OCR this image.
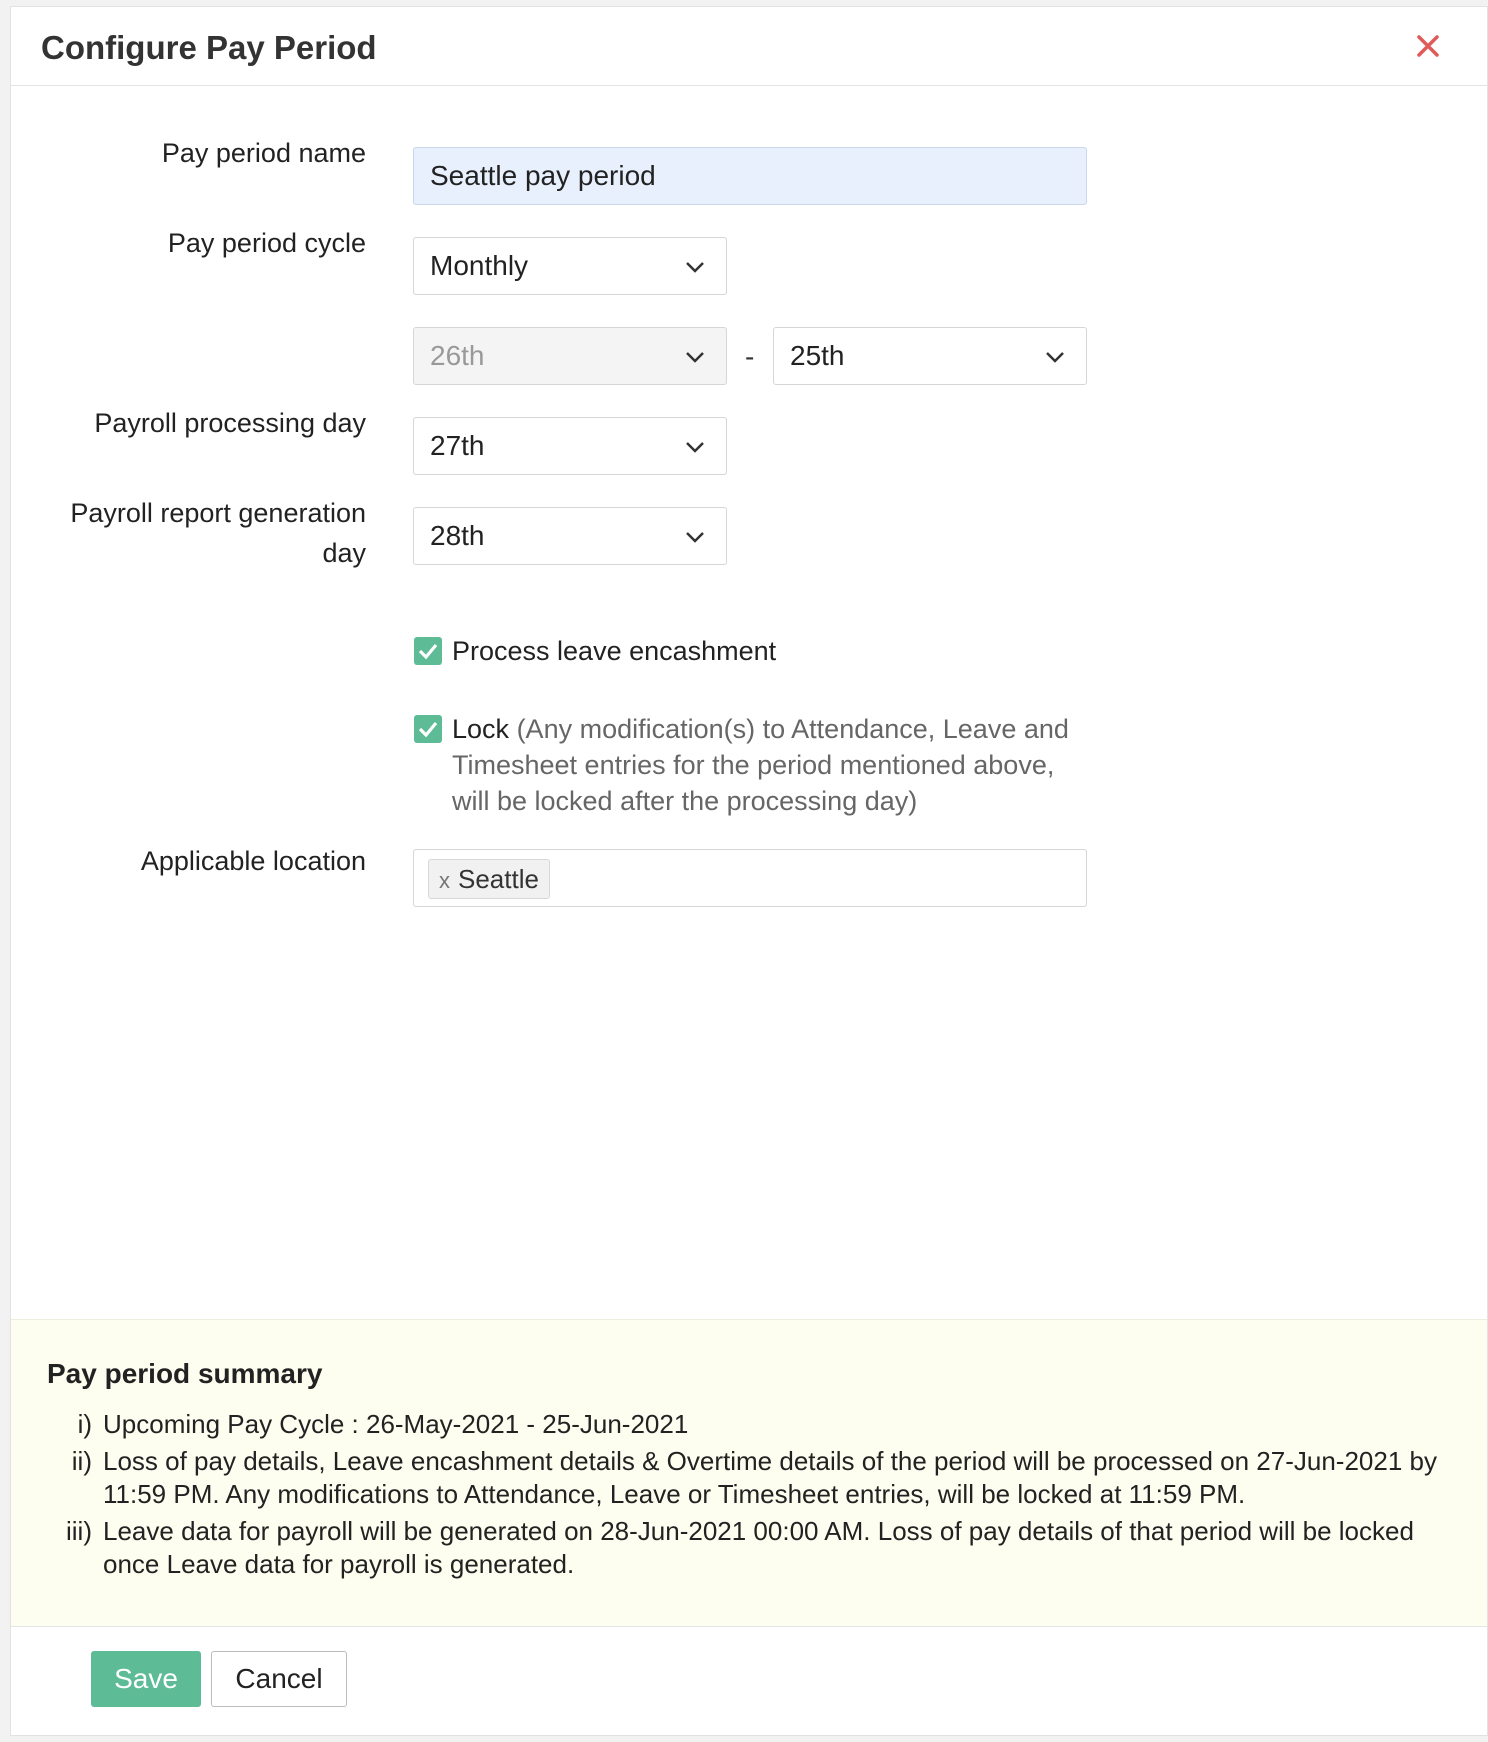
Configure Pay Period
Pay period name
Seattle pay period
Pay period cycle
Monthly
26th	-	25th
Payroll processing day
27th
Payroll report generation
day
28th
Process leave encashment
Lock (Any modification(s) to Attendance, Leave and Timesheet entries for the period mentioned above, will be locked after the processing day)
Applicable location
x Seattle
Pay period summary
i) Upcoming Pay Cycle : 26-May-2021 - 25-Jun-2021
ii) Loss of pay details, Leave encashment details & Overtime details of the period will be processed on 27-Jun-2021 by 11:59 PM. Any modifications to Attendance, Leave or Timesheet entries, will be locked at 11:59 PM.
iii) Leave data for payroll will be generated on 28-Jun-2021 00:00 AM. Loss of pay details of that period will be locked once Leave data for payroll is generated.
Save	Cancel
